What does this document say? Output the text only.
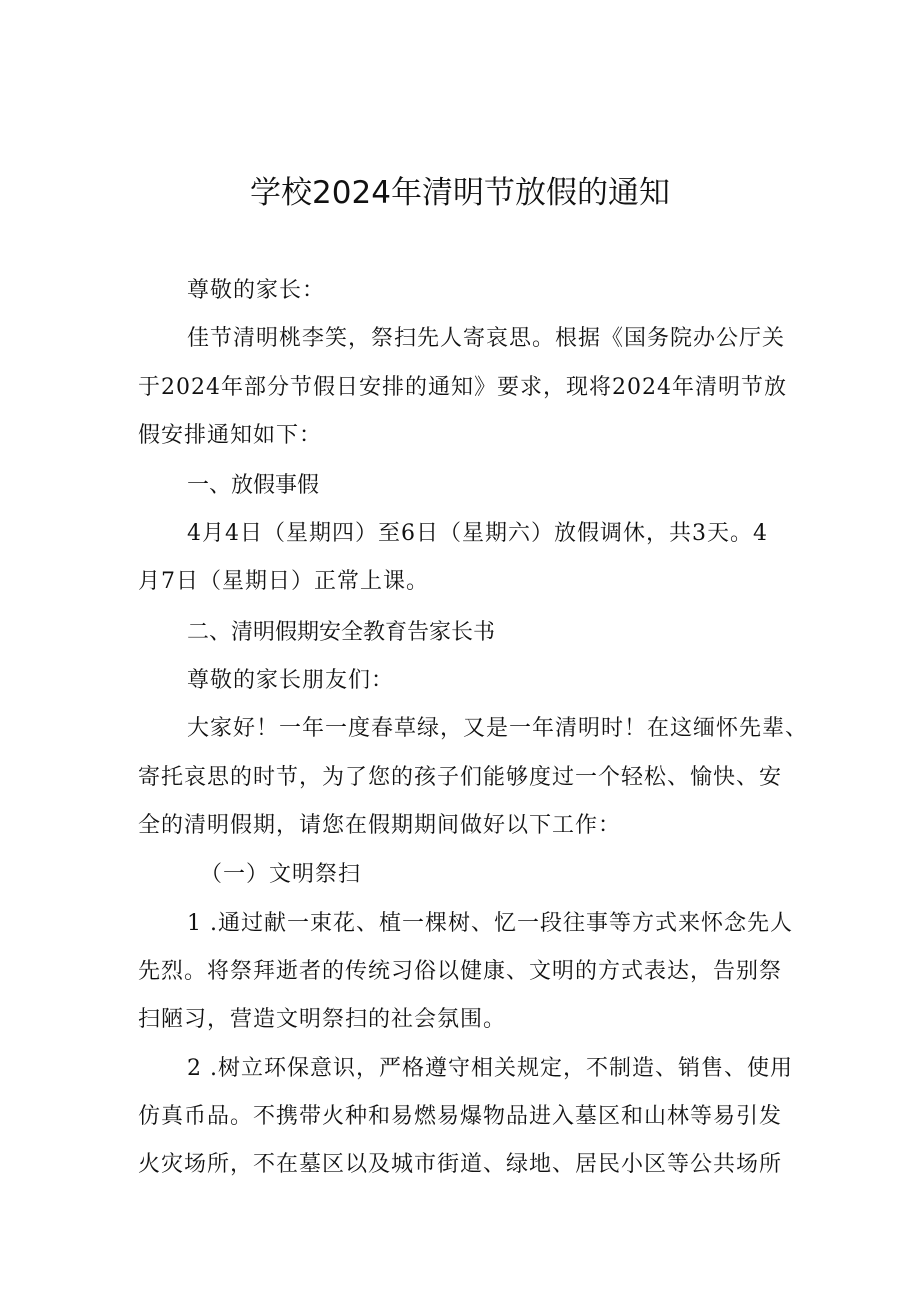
学校2024年清明节放假的通知
尊敬的家长：
佳节清明桃李笑，祭扫先人寄哀思。根据《国务院办公厅关
于2024年部分节假日安排的通知》要求，现将2024年清明节放
假安排通知如下：
一、放假事假
4月4日（星期四）至6日（星期六）放假调休，共3天。4
月7日（星期日）正常上课。
二、清明假期安全教育告家长书
尊敬的家长朋友们：
大家好！一年一度春草绿，又是一年清明时！在这缅怀先辈、
寄托哀思的时节，为了您的孩子们能够度过一个轻松、愉快、安
全的清明假期，请您在假期期间做好以下工作：
（一）文明祭扫
1 .通过献一束花、植一棵树、忆一段往事等方式来怀念先人
先烈。将祭拜逝者的传统习俗以健康、文明的方式表达，告别祭
扫陋习，营造文明祭扫的社会氛围。
2 .树立环保意识，严格遵守相关规定，不制造、销售、使用
仿真币品。不携带火种和易燃易爆物品进入墓区和山林等易引发
火灾场所，不在墓区以及城市街道、绿地、居民小区等公共场所
